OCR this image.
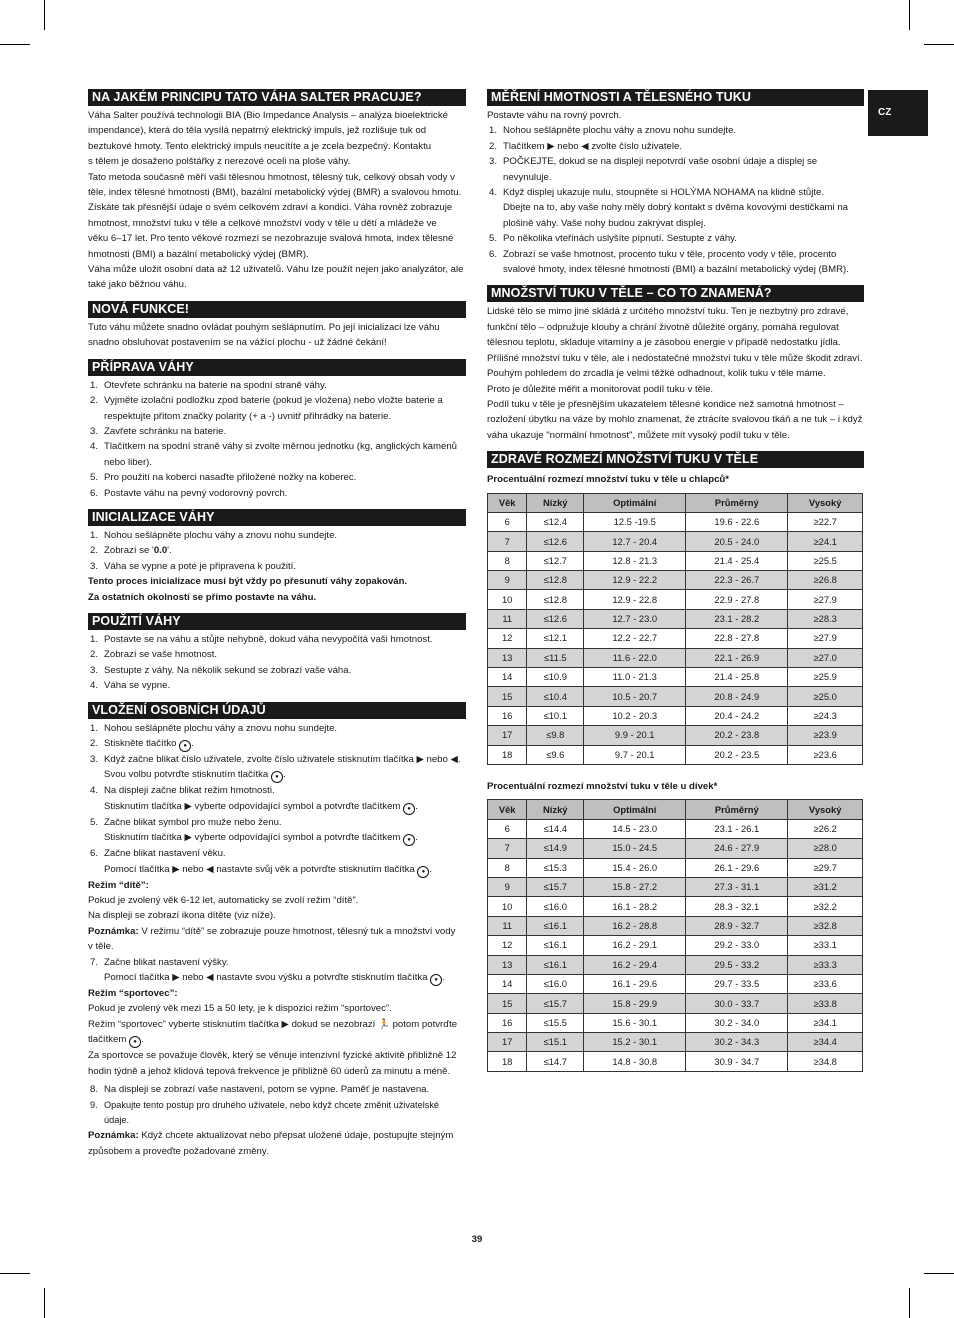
CZ
NA JAKÉM PRINCIPU TATO VÁHA SALTER PRACUJE?

Váha Salter používá technologii BIA (Bio Impedance Analysis – analýza bioelektrické

impendance), která do těla vysílá nepatrný elektrický impuls, jež rozlišuje tuk od

beztukové hmoty. Tento elektrický impuls neucítíte a je zcela bezpečný. Kontaktu

s tělem je dosaženo polštářky z nerezové oceli na ploše váhy.

Tato metoda současně měří vaši tělesnou hmotnost, tělesný tuk, celkový obsah vody v

těle, index tělesné hmotnosti (BMI), bazální metabolický výdej (BMR) a svalovou hmotu.

Získáte tak přesnější údaje o svém celkovém zdraví a kondici. Váha rovněž zobrazuje

hmotnost, množství tuku v těle a celkové množství vody v těle u dětí a mládeže ve

věku 6–17 let. Pro tento věkové rozmezí se nezobrazuje svalová hmota, index tělesné

hmotnosti (BMI) a bazální metabolický výdej (BMR).

Váha může uložit osobní data až 12 uživatelů. Váhu lze použít nejen jako analyzátor, ale

také jako běžnou váhu.

NOVÁ FUNKCE!

Tuto váhu můžete snadno ovládat pouhým sešlápnutím. Po její inicializaci lze váhu

snadno obsluhovat postavením se na vážící plochu - už žádné čekání!

PŘÍPRAVA VÁHY
1. Otevřete schránku na baterie na spodní straně váhy.
2. Vyjměte izolační podložku zpod baterie (pokud je vložena) nebo vložte baterie a
respektujte přitom značky polarity (+ a -) uvnitř přihrádky na baterie.
3. Zavřete schránku na baterie.
4. Tlačítkem na spodní straně váhy si zvolte měrnou jednotku (kg, anglických kamenů
nebo liber).
5. Pro použití na koberci nasaďte přiložené nožky na koberec.
6. Postavte váhu na pevný vodorovný povrch.
INICIALIZACE VÁHY
1. Nohou sešlápněte plochu váhy a znovu nohu sundejte.
2. Zobrazí se '0.0'.
3. Váha se vypne a poté je připravena k použití.

Tento proces inicializace musí být vždy po přesunutí váhy zopakován.

Za ostatních okolností se přímo postavte na váhu.

POUŽITÍ VÁHY
1. Postavte se na váhu a stůjte nehybně, dokud váha nevypočítá vaši hmotnost.
2. Zobrazí se vaše hmotnost.
3. Sestupte z váhy. Na několik sekund se zobrazí vaše váha.
4. Váha se vypne.
VLOŽENÍ OSOBNÍCH ÚDAJŮ
1. Nohou sešlápněte plochu váhy a znovu nohu sundejte.
2. Stiskněte tlačítko ● .
3. Když začne blikat číslo uživatele, zvolte číslo uživatele stisknutím tlačítka ▶ nebo ◀.
Svou volbu potvrďte stisknutím tlačítka ● .
4. Na displeji začne blikat režim hmotnosti.
Stisknutím tlačítka ▶ vyberte odpovídající symbol a potvrďte tlačítkem ● .
5. Začne blikat symbol pro muže nebo ženu.
Stisknutím tlačítka ▶ vyberte odpovídající symbol a potvrďte tlačítkem ● .
6. Začne blikat nastavení věku.
Pomocí tlačítka ▶ nebo ◀ nastavte svůj věk a potvrďte stisknutím tlačítka ● .

Režim “dítě”:

Pokud je zvolený věk 6-12 let, automaticky se zvolí režim “dítě”.

Na displeji se zobrazí ikona dítěte (viz níže).

Poznámka: V režimu “dítě” se zobrazuje pouze hmotnost, tělesný tuk a množství vody
v těle.

7. Začne blikat nastavení výšky.
Pomocí tlačítka ▶ nebo ◀ nastavte svou výšku a potvrďte stisknutím tlačítka ● .

Režim “sportovec”:

Pokud je zvolený věk mezi 15 a 50 lety, je k dispozici režim “sportovec”.

Režim “sportovec” vyberte stisknutím tlačítka ▶ dokud se nezobrazí 🏃 potom potvrďte

tlačítkem ● .

Za sportovce se považuje člověk, který se věnuje intenzivní fyzické aktivitě přibližně 12

hodin týdně a jehož klidová tepová frekvence je přibližně 60 úderů za minutu a méně.

8. Na displeji se zobrazí vaše nastavení, potom se vypne. Paměť je nastavena.
9. Opakujte tento postup pro druhého uživatele, nebo když chcete změnit uživatelské údaje.

Poznámka: Když chcete aktualizovat nebo přepsat uložené údaje, postupujte stejným
způsobem a proveďte požadované změny.

MĚŘENÍ HMOTNOSTI A TĚLESNÉHO TUKU

Postavte váhu na rovný povrch.

1. Nohou sešlápněte plochu váhy a znovu nohu sundejte.
2. Tlačítkem ▶ nebo ◀ zvolte číslo uživatele.
3. POČKEJTE, dokud se na displeji nepotvrdí vaše osobní údaje a displej se nevynuluje.
4. Když displej ukazuje nulu, stoupněte si HOLÝMA NOHAMA na klidně stůjte.
Dbejte na to, aby vaše nohy měly dobrý kontakt s dvěma kovovými destičkami na
plošině váhy. Vaše nohy budou zakrývat displej.
5. Po několika vteřinách uslyšíte pípnutí. Sestupte z váhy.
6. Zobrazí se vaše hmotnost, procento tuku v těle, procento vody v těle, procento
svalové hmoty, index tělesné hmotnosti (BMI) a bazální metabolický výdej (BMR).
MNOŽSTVÍ TUKU V TĚLE – CO TO ZNAMENÁ?

Lidské tělo se mimo jiné skládá z určitého množství tuku. Ten je nezbytný pro zdravé,

funkční tělo – odpružuje klouby a chrání životně důležité orgány, pomáhá regulovat

tělesnou teplotu, skladuje vitamíny a je zásobou energie v případě nedostatku jídla.

Přílišné množství tuku v těle, ale i nedostatečné množství tuku v těle může škodit zdraví.

Pouhým pohledem do zrcadla je velmi těžké odhadnout, kolik tuku v těle máme.

Proto je důležité měřit a monitorovat podíl tuku v těle.

Podíl tuku v těle je přesnějším ukazatelem tělesné kondice než samotná hmotnost –

rozložení úbytku na váze by mohlo znamenat, že ztrácíte svalovou tkáň a ne tuk – i když

váha ukazuje "normální hmotnost", můžete mít vysoký podíl tuku v těle.

ZDRAVÉ ROZMEZÍ MNOŽSTVÍ TUKU V TĚLE

Procentuální rozmezí množství tuku v těle u chlapců*

Věk	Nízký	Optimální	Průměrný	Vysoký
6	≤12.4	12.5 -19.5	19.6 - 22.6	≥22.7
7	≤12.6	12.7 - 20.4	20.5 - 24.0	≥24.1
8	≤12.7	12.8 - 21.3	21.4 - 25.4	≥25.5
9	≤12.8	12.9 - 22.2	22.3 - 26.7	≥26.8
10	≤12.8	12.9 - 22.8	22.9 - 27.8	≥27.9
11	≤12.6	12.7 - 23.0	23.1 - 28.2	≥28.3
12	≤12.1	12.2 - 22.7	22.8 - 27.8	≥27.9
13	≤11.5	11.6 - 22.0	22.1 - 26.9	≥27.0
14	≤10.9	11.0 - 21.3	21.4 - 25.8	≥25.9
15	≤10.4	10.5 - 20.7	20.8 - 24.9	≥25.0
16	≤10.1	10.2 - 20.3	20.4 - 24.2	≥24.3
17	≤9.8	9.9 - 20.1	20.2 - 23.8	≥23.9
18	≤9.6	9.7 - 20.1	20.2 - 23.5	≥23.6

Procentuální rozmezí množství tuku v těle u dívek*

Věk	Nízký	Optimální	Průměrný	Vysoký
6	≤14.4	14.5 - 23.0	23.1 - 26.1	≥26.2
7	≤14.9	15.0 - 24.5	24.6 - 27.9	≥28.0
8	≤15.3	15.4 - 26.0	26.1 - 29.6	≥29.7
9	≤15.7	15.8 - 27.2	27.3 - 31.1	≥31.2
10	≤16.0	16.1 - 28.2	28.3 - 32.1	≥32.2
11	≤16.1	16.2 - 28.8	28.9 - 32.7	≥32.8
12	≤16.1	16.2 - 29.1	29.2 - 33.0	≥33.1
13	≤16.1	16.2 - 29.4	29.5 - 33.2	≥33.3
14	≤16.0	16.1 - 29.6	29.7 - 33.5	≥33.6
15	≤15.7	15.8 - 29.9	30.0 - 33.7	≥33.8
16	≤15.5	15.6 - 30.1	30.2 - 34.0	≥34.1
17	≤15.1	15.2 - 30.1	30.2 - 34.3	≥34.4
18	≤14.7	14.8 - 30.8	30.9 - 34.7	≥34.8
39
